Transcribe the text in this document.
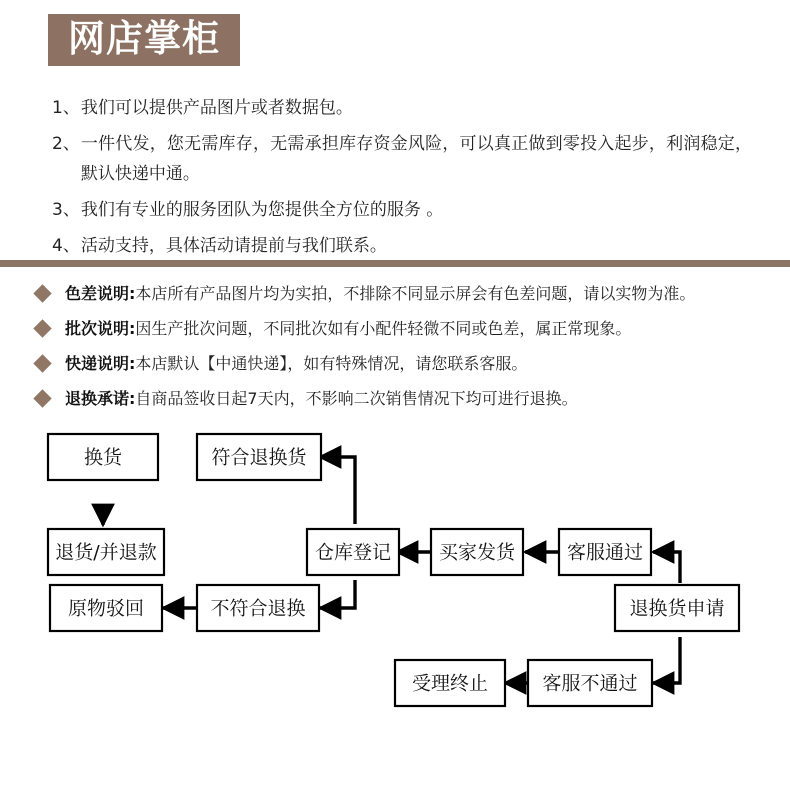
网店掌柜
1、 我们可以提供产品图片或者数据包。
2、 一件代发，您无需库存，无需承担库存资金风险，可以真正做到零投入起步，利润稳定，默认快递中通。
3、 我们有专业的服务团队为您提供全方位的服务 。
4、 活动支持，具体活动请提前与我们联系。
色差说明: 本店所有产品图片均为实拍，不排除不同显示屏会有色差问题，请以实物为准。
批次说明: 因生产批次问题，不同批次如有小配件轻微不同或色差，属正常现象。
快递说明: 本店默认【中通快递】，如有特殊情况，请您联系客服。
退换承诺: 自商品签收日起7天内，不影响二次销售情况下均可进行退换。
换货
退货/并退款
符合退换货
仓库登记	买家发货	客服通过
退换货申请
原物驳回	不符合退换
受理终止	客服不通过
